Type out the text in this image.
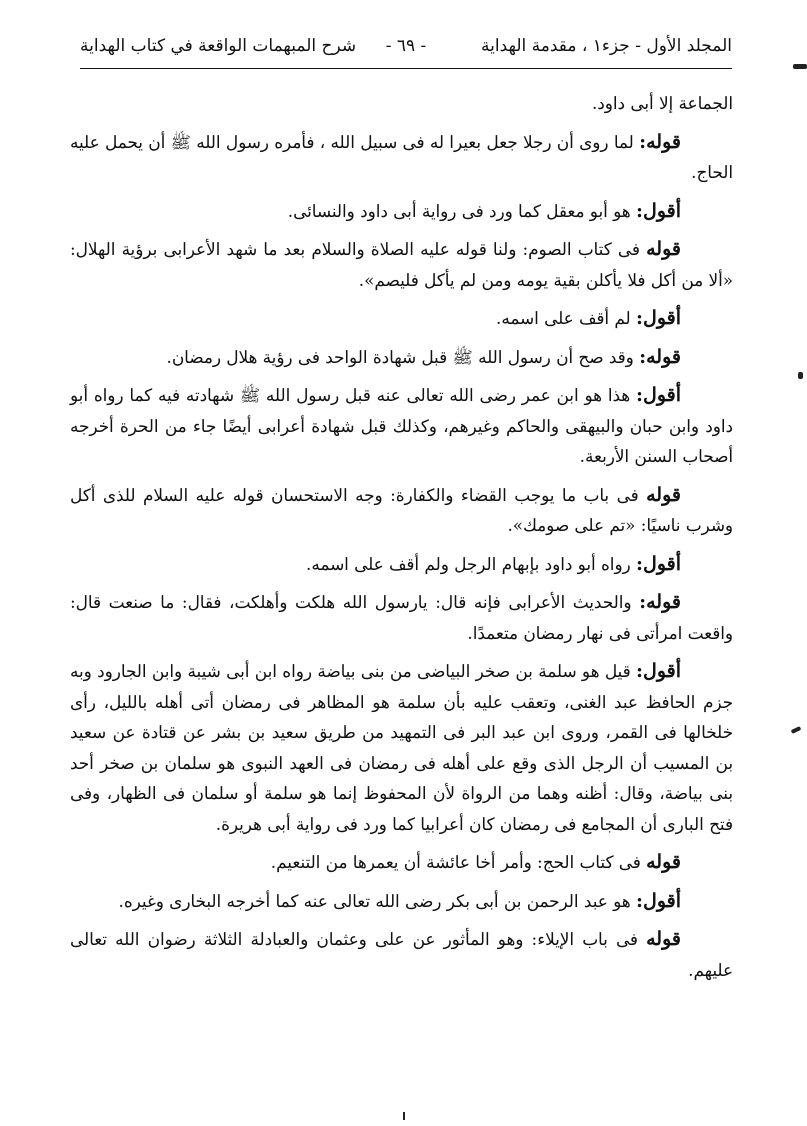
المجلد الأول - جزء١ ، مقدمة الهداية
- ٦٩ -
شرح المبهمات الواقعة في كتاب الهداية

الجماعة إلا أبى داود.

قوله: لما روى أن رجلا جعل بعيرا له فى سبيل الله ، فأمره رسول الله ﷺ أن يحمل عليه الحاج.

أقول: هو أبو معقل كما ورد فى رواية أبى داود والنسائى.

قوله فى كتاب الصوم: ولنا قوله عليه الصلاة والسلام بعد ما شهد الأعرابى برؤية الهلال: «ألا من أكل فلا يأكلن بقية يومه ومن لم يأكل فليصم».

أقول: لم أقف على اسمه.

قوله: وقد صح أن رسول الله ﷺ قبل شهادة الواحد فى رؤية هلال رمضان.

أقول: هذا هو ابن عمر رضى الله تعالى عنه قبل رسول الله ﷺ شهادته فيه كما رواه أبو داود وابن حبان والبيهقى والحاكم وغيرهم، وكذلك قبل شهادة أعرابى أيضًا جاء من الحرة أخرجه أصحاب السنن الأربعة.

قوله فى باب ما يوجب القضاء والكفارة: وجه الاستحسان قوله عليه السلام للذى أكل وشرب ناسيًا: «تم على صومك».

أقول: رواه أبو داود بإبهام الرجل ولم أقف على اسمه.

قوله: والحديث الأعرابى فإنه قال: يارسول الله هلكت وأهلكت، فقال: ما صنعت قال: واقعت امرأتى فى نهار رمضان متعمدًا.

أقول: قيل هو سلمة بن صخر البياضى من بنى بياضة رواه ابن أبى شيبة وابن الجارود وبه جزم الحافظ عبد الغنى، وتعقب عليه بأن سلمة هو المظاهر فى رمضان أتى أهله بالليل، رأى خلخالها فى القمر، وروى ابن عبد البر فى التمهيد من طريق سعيد بن بشر عن قتادة عن سعيد بن المسيب أن الرجل الذى وقع على أهله فى رمضان فى العهد النبوى هو سلمان بن صخر أحد بنى بياضة، وقال: أظنه وهما من الرواة لأن المحفوظ إنما هو سلمة أو سلمان فى الظهار، وفى فتح البارى أن المجامع فى رمضان كان أعرابيا كما ورد فى رواية أبى هريرة.

قوله فى كتاب الحج: وأمر أخا عائشة أن يعمرها من التنعيم.

أقول: هو عبد الرحمن بن أبى بكر رضى الله تعالى عنه كما أخرجه البخارى وغيره.

قوله فى باب الإيلاء: وهو المأثور عن على وعثمان والعبادلة الثلاثة رضوان الله تعالى عليهم.
